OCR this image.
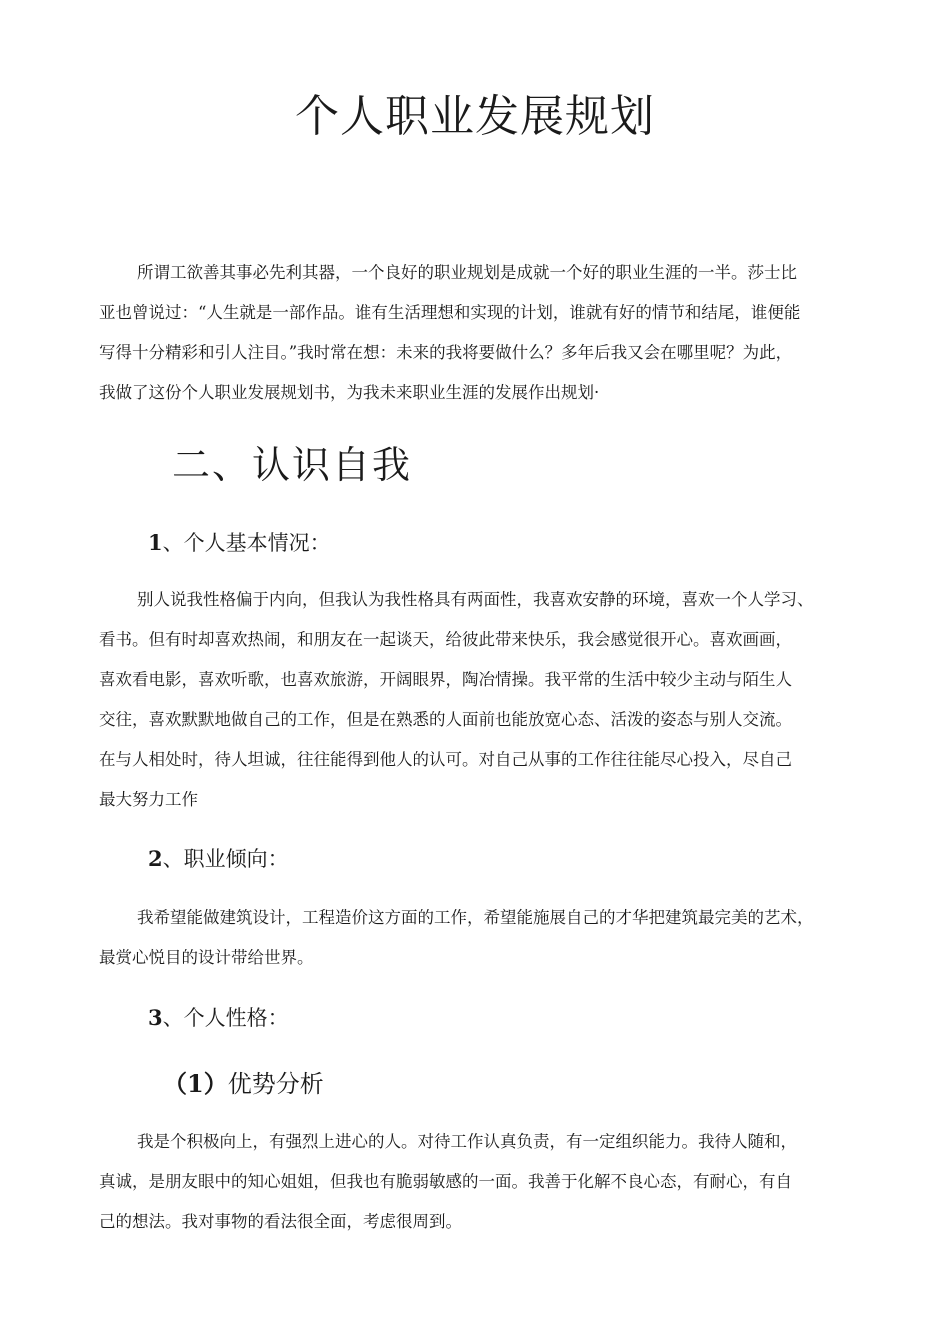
个人职业发展规划
所谓工欲善其事必先利其器，一个良好的职业规划是成就一个好的职业生涯的一半。莎士比
亚也曾说过：“人生就是一部作品。谁有生活理想和实现的计划，谁就有好的情节和结尾，谁便能
写得十分精彩和引人注目。”我时常在想：未来的我将要做什么？多年后我又会在哪里呢？为此，
我做了这份个人职业发展规划书，为我未来职业生涯的发展作出规划·
二、认识自我
1、个人基本情况：
别人说我性格偏于内向，但我认为我性格具有两面性，我喜欢安静的环境，喜欢一个人学习、
看书。但有时却喜欢热闹，和朋友在一起谈天，给彼此带来快乐，我会感觉很开心。喜欢画画，
喜欢看电影，喜欢听歌，也喜欢旅游，开阔眼界，陶冶情操。我平常的生活中较少主动与陌生人
交往，喜欢默默地做自己的工作，但是在熟悉的人面前也能放宽心态、活泼的姿态与别人交流。
在与人相处时，待人坦诚，往往能得到他人的认可。对自己从事的工作往往能尽心投入，尽自己
最大努力工作
2、职业倾向：
我希望能做建筑设计，工程造价这方面的工作，希望能施展自己的才华把建筑最完美的艺术，
最赏心悦目的设计带给世界。
3、个人性格：
（1）优势分析
我是个积极向上，有强烈上进心的人。对待工作认真负责，有一定组织能力。我待人随和，
真诚，是朋友眼中的知心姐姐，但我也有脆弱敏感的一面。我善于化解不良心态，有耐心，有自
己的想法。我对事物的看法很全面，考虑很周到。
